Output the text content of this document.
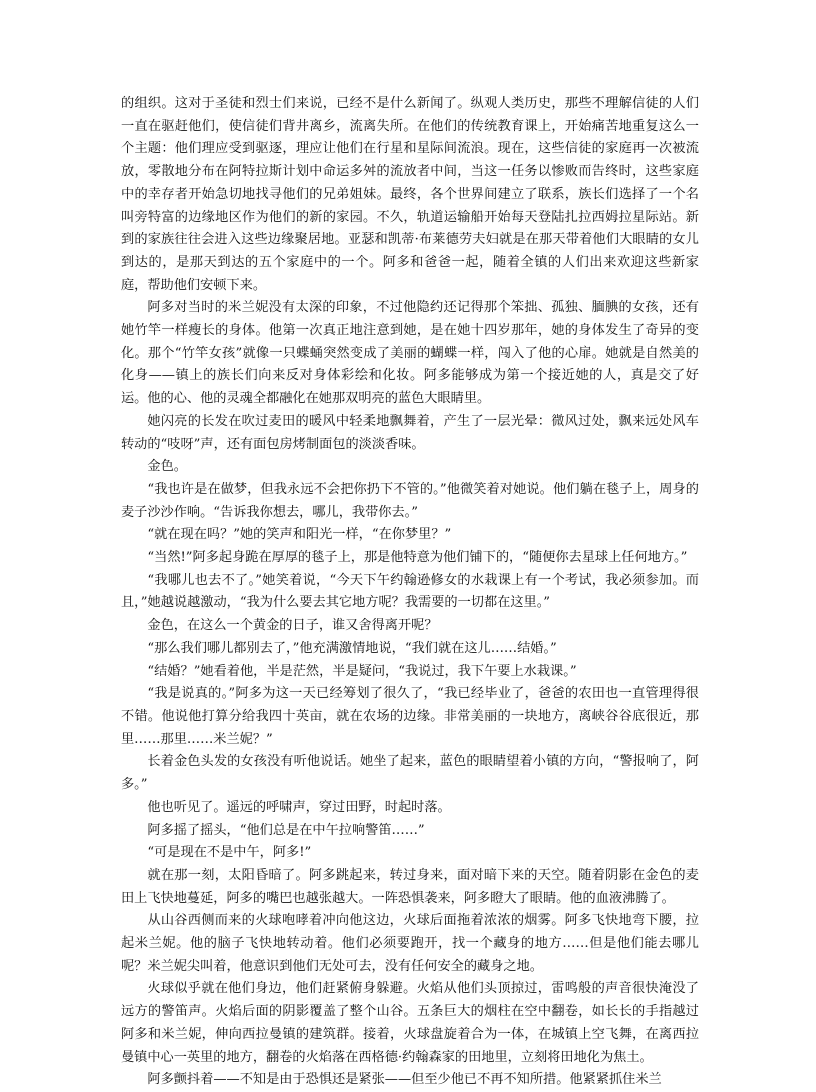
的组织。这对于圣徒和烈士们来说，已经不是什么新闻了。纵观人类历史，那些不理解信徒的人们一直在驱赶他们，使信徒们背井离乡，流离失所。在他们的传统教育课上，开始痛苦地重复这么一个主题：他们理应受到驱逐，理应让他们在行星和星际间流浪。现在，这些信徒的家庭再一次被流放，零散地分布在阿特拉斯计划中命运多舛的流放者中间，当这一任务以惨败而告终时，这些家庭中的幸存者开始急切地找寻他们的兄弟姐妹。最终，各个世界间建立了联系，族长们选择了一个名叫旁特富的边缘地区作为他们的新的家园。不久，轨道运输船开始每天登陆扎拉西姆拉星际站。新到的家族往往会进入这些边缘聚居地。亚瑟和凯蒂·布莱德劳夫妇就是在那天带着他们大眼睛的女儿到达的，是那天到达的五个家庭中的一个。阿多和爸爸一起，随着全镇的人们出来欢迎这些新家庭，帮助他们安顿下来。

阿多对当时的米兰妮没有太深的印象，不过他隐约还记得那个笨拙、孤独、腼腆的女孩，还有她竹竿一样瘦长的身体。他第一次真正地注意到她，是在她十四岁那年，她的身体发生了奇异的变化。那个“竹竿女孩”就像一只蝶蛹突然变成了美丽的蝴蝶一样，闯入了他的心扉。她就是自然美的化身——镇上的族长们向来反对身体彩绘和化妆。阿多能够成为第一个接近她的人，真是交了好运。他的心、他的灵魂全都融化在她那双明亮的蓝色大眼睛里。

她闪亮的长发在吹过麦田的暖风中轻柔地飘舞着，产生了一层光晕：微风过处，飘来远处风车转动的“吱呀”声，还有面包房烤制面包的淡淡香味。

金色。

“我也许是在做梦，但我永远不会把你扔下不管的。”他微笑着对她说。他们躺在毯子上，周身的麦子沙沙作响。“告诉我你想去，哪儿，我带你去。”

“就在现在吗？”她的笑声和阳光一样，“在你梦里？”

“当然!”阿多起身跪在厚厚的毯子上，那是他特意为他们铺下的，“随便你去星球上任何地方。”

“我哪儿也去不了。”她笑着说，“今天下午约翰逊修女的水栽课上有一个考试，我必须参加。而且，”她越说越激动，“我为什么要去其它地方呢？我需要的一切都在这里。”

金色，在这么一个黄金的日子，谁又舍得离开呢？

“那么我们哪儿都别去了，”他充满激情地说，“我们就在这儿……结婚。”

“结婚？”她看着他，半是茫然，半是疑问，“我说过，我下午要上水栽课。”

“我是说真的。”阿多为这一天已经筹划了很久了，“我已经毕业了，爸爸的农田也一直管理得很不错。他说他打算分给我四十英亩，就在农场的边缘。非常美丽的一块地方，离峡谷谷底很近，那里……那里……米兰妮？”

长着金色头发的女孩没有听他说话。她坐了起来，蓝色的眼睛望着小镇的方向，“警报响了，阿多。”

他也听见了。遥远的呼啸声，穿过田野，时起时落。

阿多摇了摇头，“他们总是在中午拉响警笛……”

“可是现在不是中午，阿多!”

就在那一刻，太阳昏暗了。阿多跳起来，转过身来，面对暗下来的天空。随着阴影在金色的麦田上飞快地蔓延，阿多的嘴巴也越张越大。一阵恐惧袭来，阿多瞪大了眼睛。他的血液沸腾了。

从山谷西侧而来的火球咆哮着冲向他这边，火球后面拖着浓浓的烟雾。阿多飞快地弯下腰，拉起米兰妮。他的脑子飞快地转动着。他们必须要跑开，找一个藏身的地方……但是他们能去哪儿呢？米兰妮尖叫着，他意识到他们无处可去，没有任何安全的藏身之地。

火球似乎就在他们身边，他们赶紧俯身躲避。火焰从他们头顶掠过，雷鸣般的声音很快淹没了远方的警笛声。火焰后面的阴影覆盖了整个山谷。五条巨大的烟柱在空中翻卷，如长长的手指越过阿多和米兰妮，伸向西拉曼镇的建筑群。接着，火球盘旋着合为一体，在城镇上空飞舞，在离西拉曼镇中心一英里的地方，翻卷的火焰落在西格德·约翰森家的田地里，立刻将田地化为焦土。

阿多颤抖着——不知是由于恐惧还是紧张——但至少他已不再不知所措。他紧紧抓住米兰
